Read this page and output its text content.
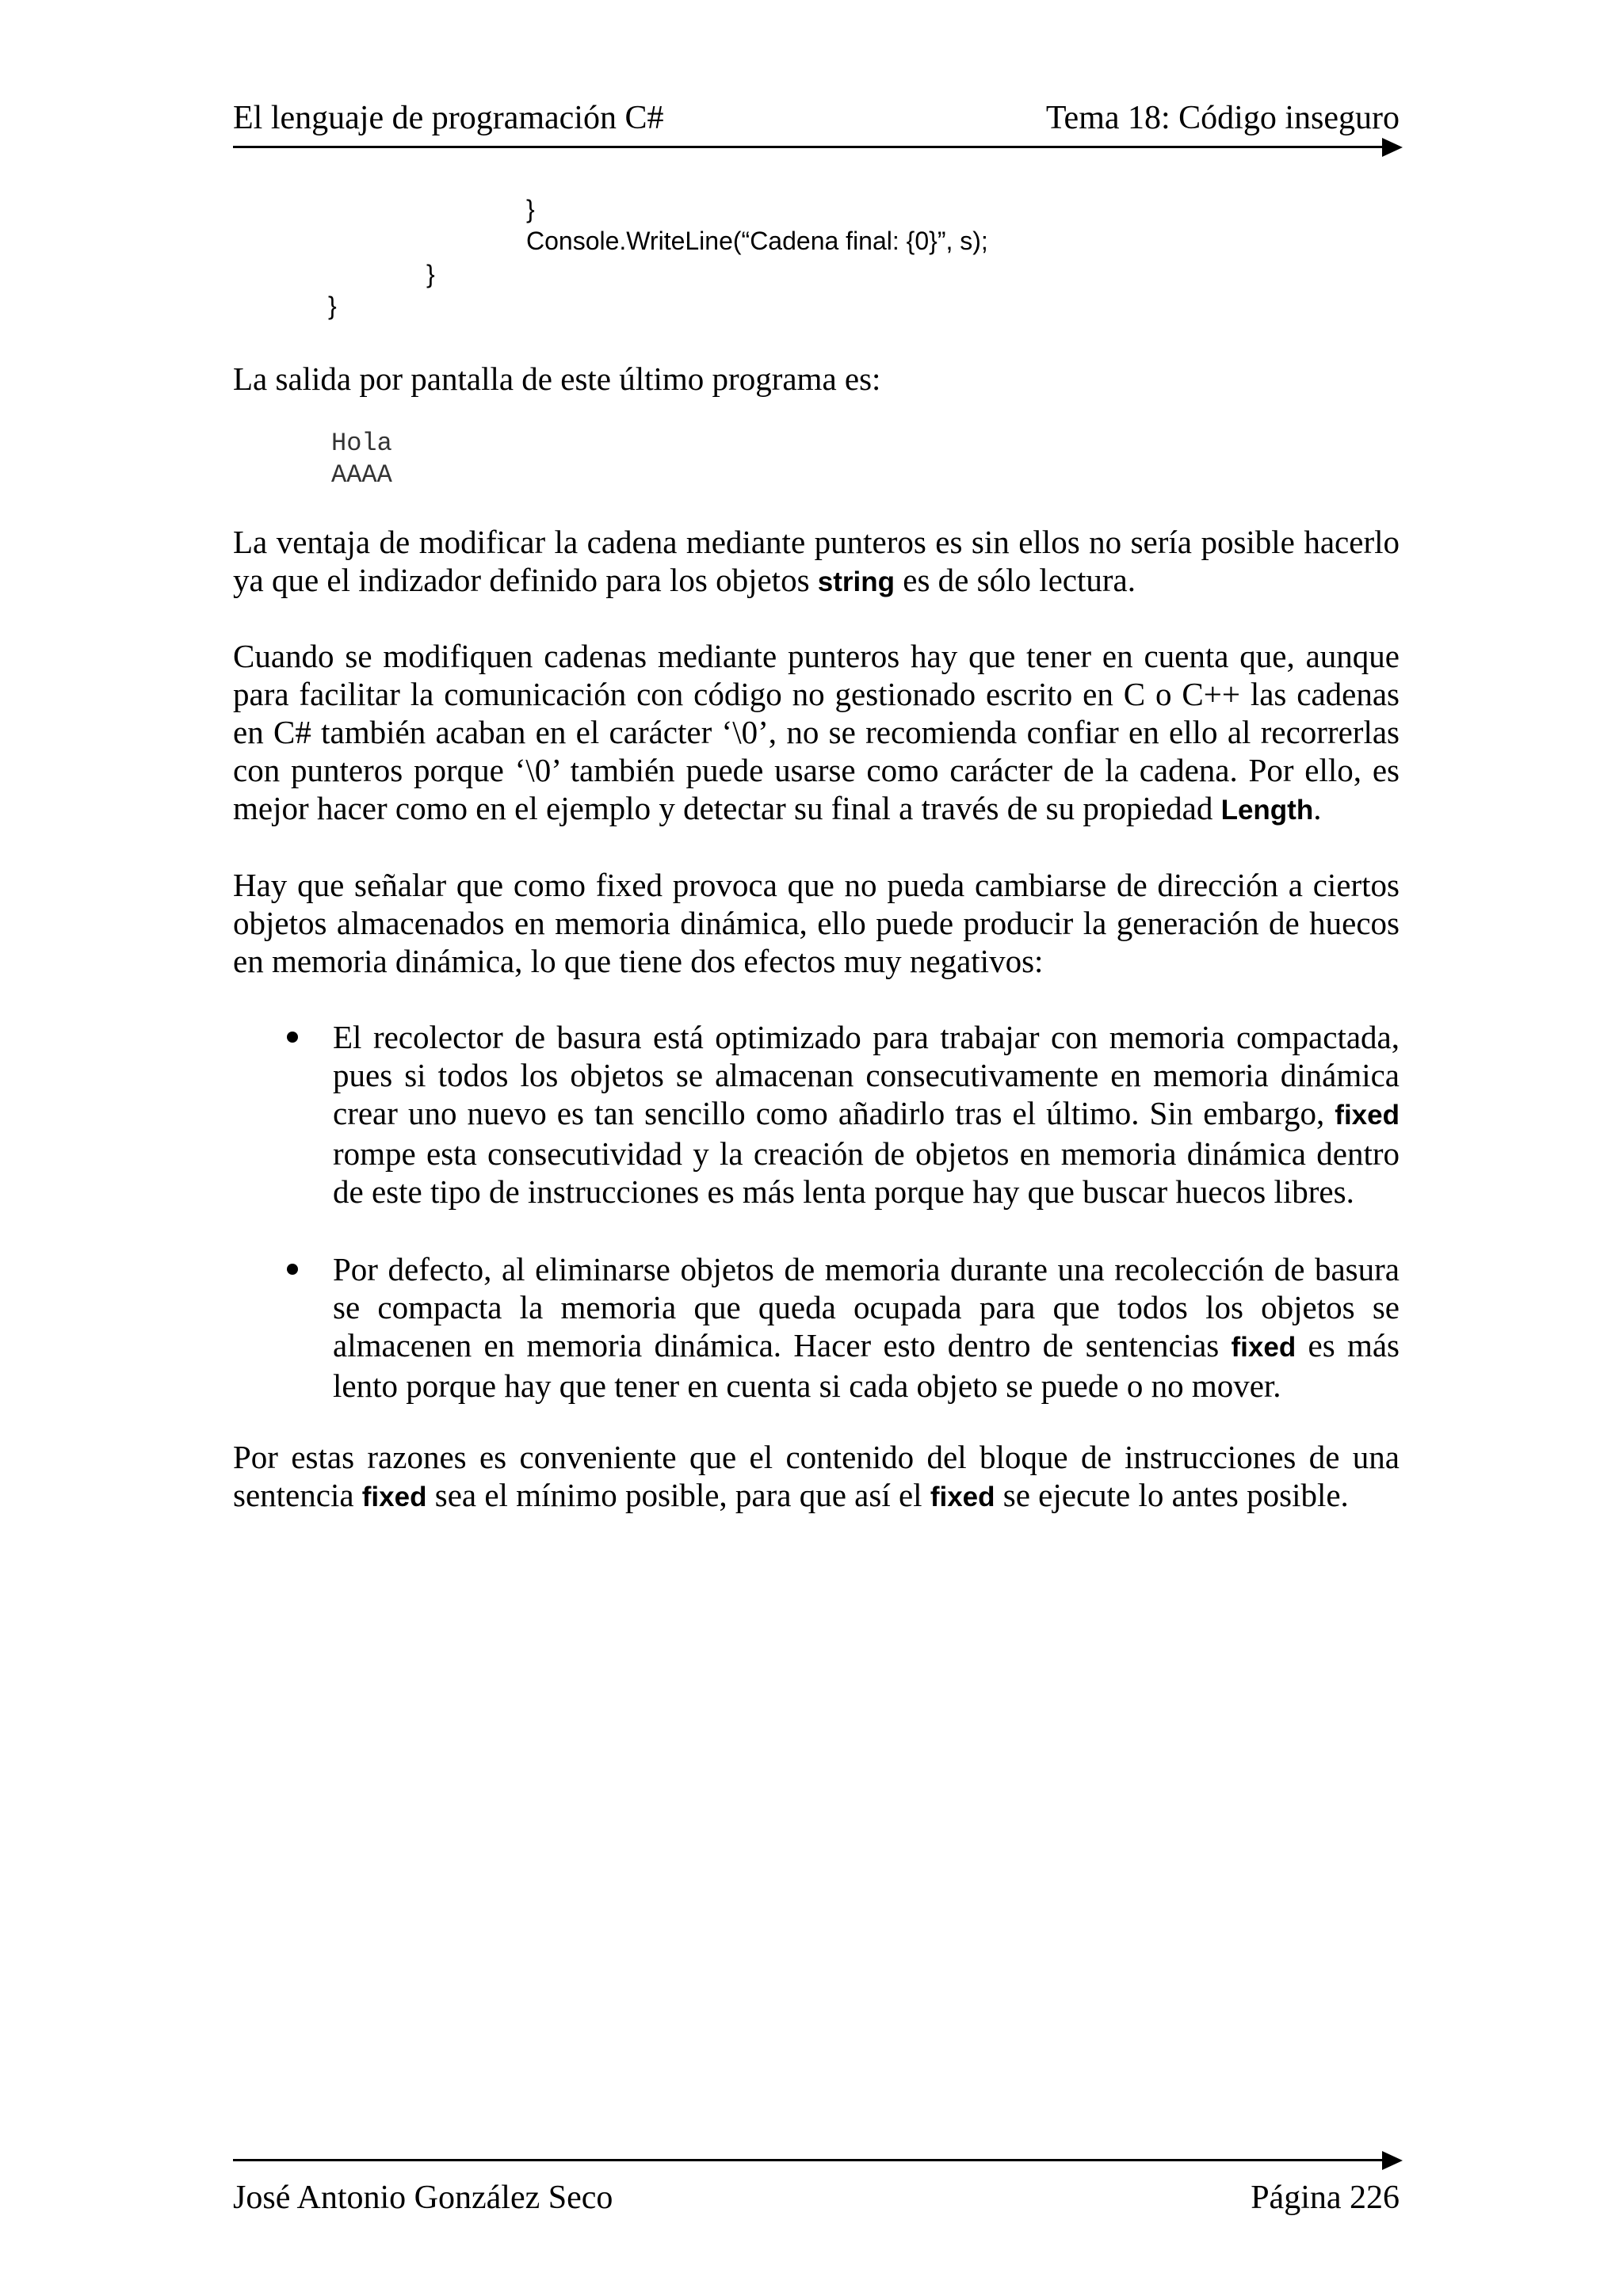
El lenguaje de programación C#	Tema 18: Código inseguro
}
Console.WriteLine(“Cadena final: {0}”, s);
}
}

La salida por pantalla de este último programa es:

Hola
AAAA

La ventaja de modificar la cadena mediante punteros es sin ellos no sería posible hacerlo ya que el indizador definido para los objetos string es de sólo lectura.

Cuando se modifiquen cadenas mediante punteros hay que tener en cuenta que, aunque para facilitar la comunicación con código no gestionado escrito en C o C++ las cadenas en C# también acaban en el carácter ‘\0’, no se recomienda confiar en ello al recorrerlas con punteros porque ‘\0’ también puede usarse como carácter de la cadena. Por ello, es mejor hacer como en el ejemplo y detectar su final a través de su propiedad Length.

Hay que señalar que como fixed provoca que no pueda cambiarse de dirección a ciertos objetos almacenados en memoria dinámica, ello puede producir la generación de huecos en memoria dinámica, lo que tiene dos efectos muy negativos:

El recolector de basura está optimizado para trabajar con memoria compactada, pues si todos los objetos se almacenan consecutivamente en memoria dinámica crear uno nuevo es tan sencillo como añadirlo tras el último. Sin embargo, fixed rompe esta consecutividad y la creación de objetos en memoria dinámica dentro de este tipo de instrucciones es más lenta porque hay que buscar huecos libres.

Por defecto, al eliminarse objetos de memoria durante una recolección de basura se compacta la memoria que queda ocupada para que todos los objetos se almacenen en memoria dinámica. Hacer esto dentro de sentencias fixed es más lento porque hay que tener en cuenta si cada objeto se puede o no mover.

Por estas razones es conveniente que el contenido del bloque de instrucciones de una sentencia fixed sea el mínimo posible, para que así el fixed se ejecute lo antes posible.

José Antonio González Seco	Página 226
